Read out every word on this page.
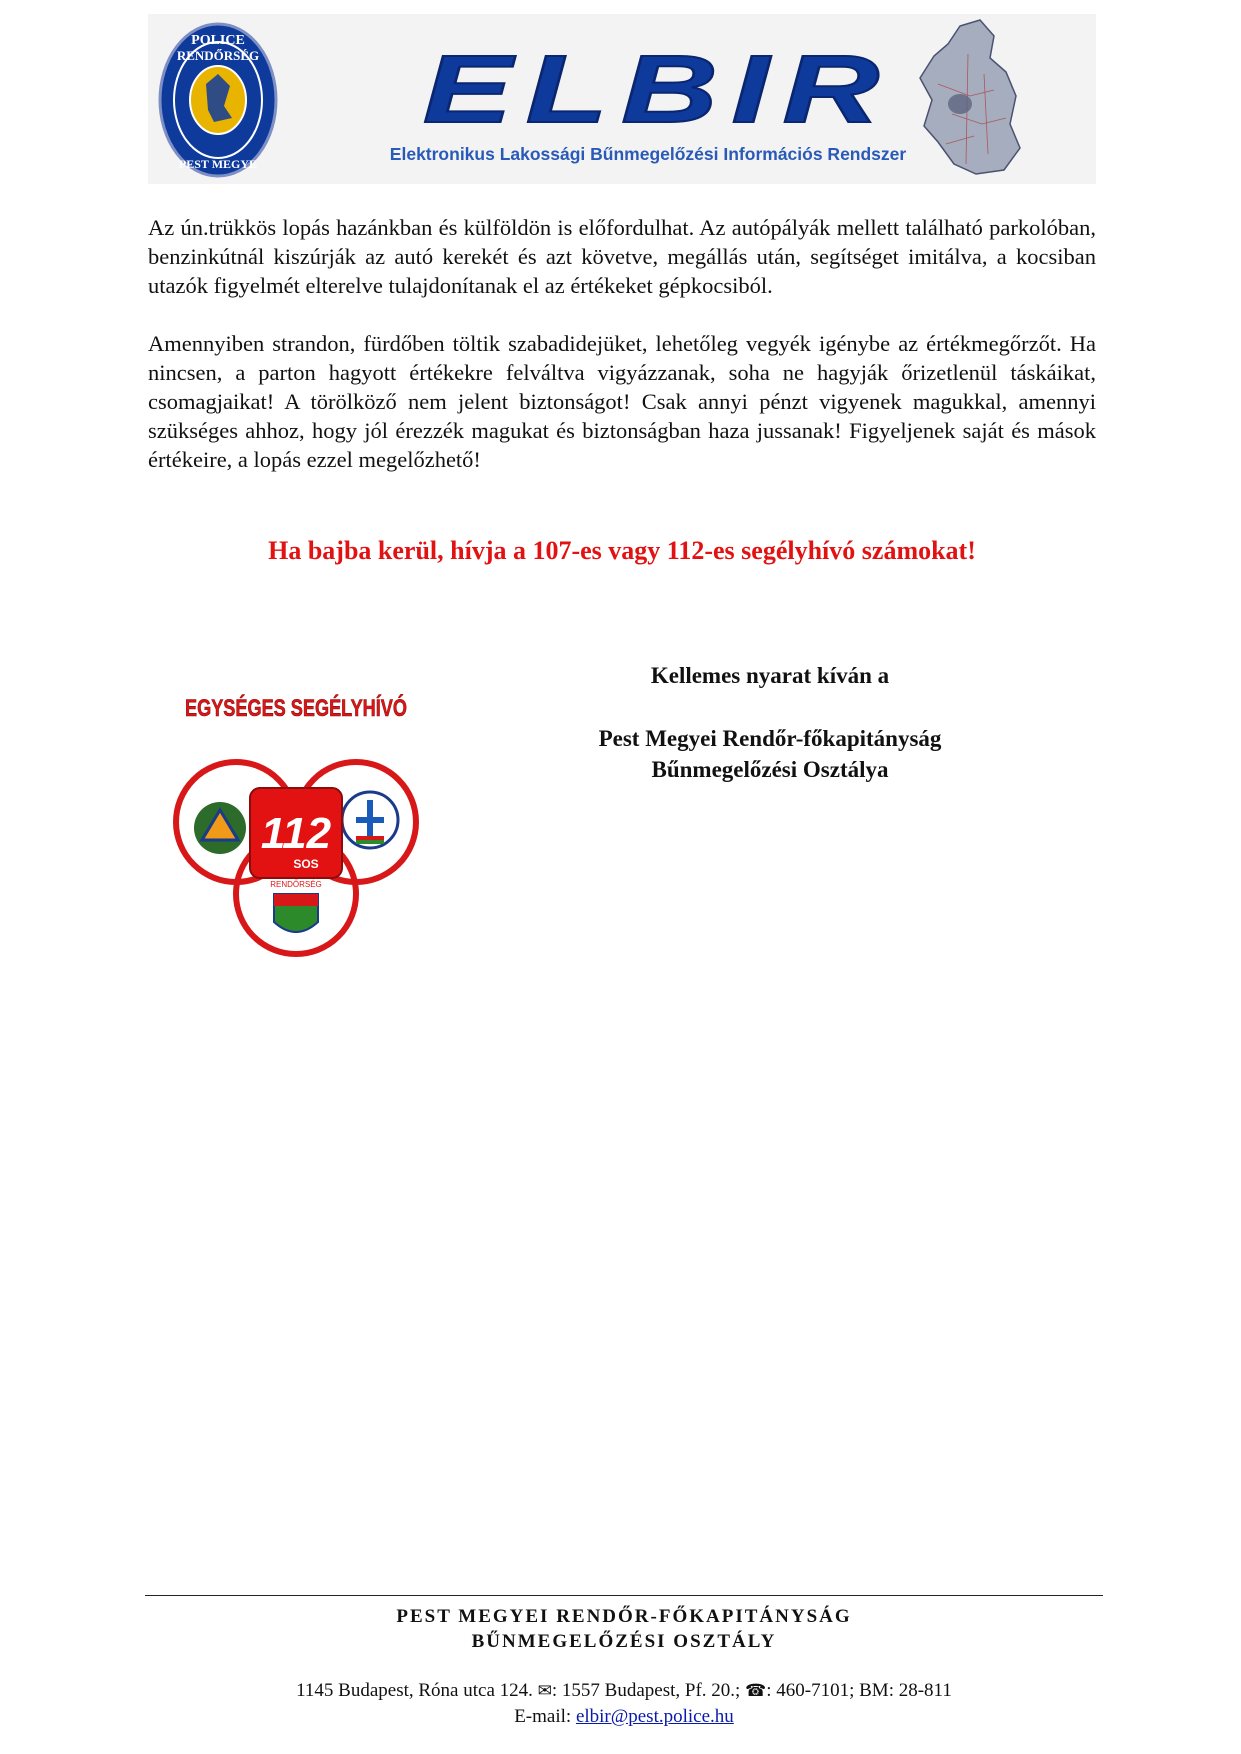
POLICE
PEST MEGYE
RENDŐRSÉG ELBIR
Elektronikus Lakossági Bűnmegelőzési Információs Rendszer

Az ún.trükkös lopás hazánkban és külföldön is előfordulhat. Az autópályák mellett található parkolóban, benzinkútnál kiszúrják az autó kerekét és azt követve, megállás után, segítséget imitálva, a kocsiban utazók figyelmét elterelve tulajdonítanak el az értékeket gépkocsiból.

Amennyiben strandon, fürdőben töltik szabadidejüket, lehetőleg vegyék igénybe az értékmegőrzőt. Ha nincsen, a parton hagyott értékekre felváltva vigyázzanak, soha ne hagyják őrizetlenül táskáikat, csomagjaikat! A törölköző nem jelent biztonságot! Csak annyi pénzt vigyenek magukkal, amennyi szükséges ahhoz, hogy jól érezzék magukat és biztonságban haza jussanak! Figyeljenek saját és mások értékeire, a lopás ezzel megelőzhető!

Ha bajba kerül, hívja a 107-es vagy 112-es segélyhívó számokat!
EGYSÉGES SEGÉLYHÍVÓ
RENDŐRSÉG
112
SOS
Kellemes nyarat kíván a
Pest Megyei Rendőr-főkapitányság
Bűnmegelőzési Osztálya
PEST MEGYEI RENDŐR-FŐKAPITÁNYSÁG
BŰNMEGELŐZÉSI OSZTÁLY
1145 Budapest, Róna utca 124. ✉: 1557 Budapest, Pf. 20.; ☎: 460-7101; BM: 28-811
E-mail: elbir@pest.police.hu
